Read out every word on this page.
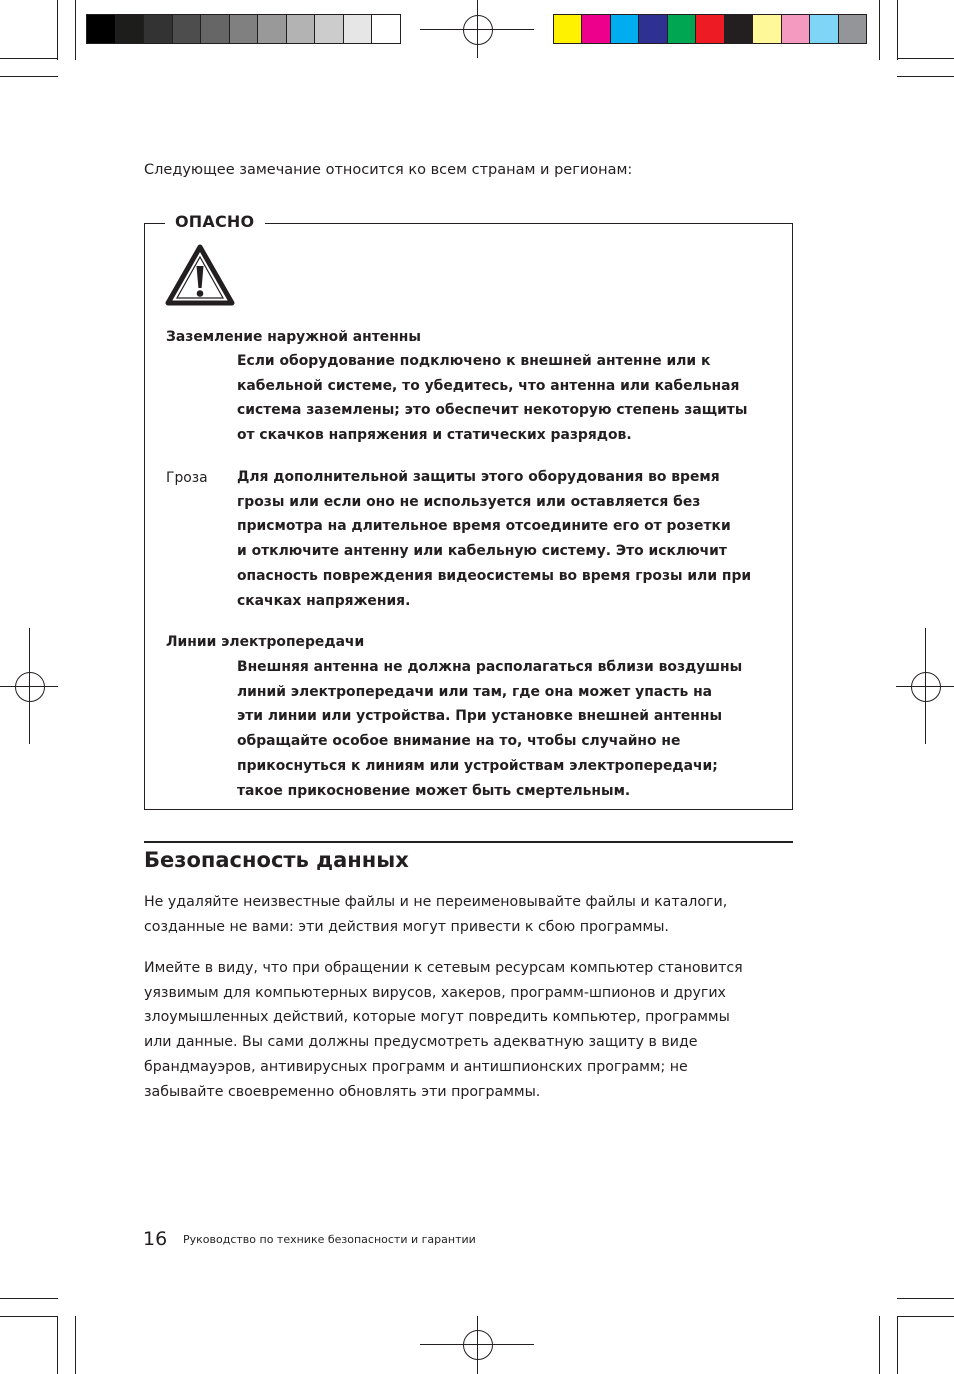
Следующее замечание относится ко всем странам и регионам:
ОПАСНО
Заземление наружной антенны
Если оборудование подключено к внешней антенне или к
кабельной системе, то убедитесь, что антенна или кабельная
система заземлены; это обеспечит некоторую степень защиты
от скачков напряжения и статических разрядов.
Гроза Для дополнительной защиты этого оборудования во время
грозы или если оно не используется или оставляется без
присмотра на длительное время отсоедините его от розетки
и отключите антенну или кабельную систему. Это исключит
опасность повреждения видеосистемы во время грозы или при
скачках напряжения.
Линии электропередачи
Внешняя антенна не должна располагаться вблизи воздушны
линий электропередачи или там, где она может упасть на
эти линии или устройства. При установке внешней антенны
обращайте особое внимание на то, чтобы случайно не
прикоснуться к линиям или устройствам электропередачи;
такое прикосновение может быть смертельным.
Безопасность данных
Не удаляйте неизвестные файлы и не переименовывайте файлы и каталоги,
созданные не вами: эти действия могут привести к сбою программы.
Имейте в виду, что при обращении к сетевым ресурсам компьютер становится
уязвимым для компьютерных вирусов, хакеров, программ-шпионов и других
злоумышленных действий, которые могут повредить компьютер, программы
или данные. Вы сами должны предусмотреть адекватную защиту в виде
брандмауэров, антивирусных программ и антишпионских программ; не
забывайте своевременно обновлять эти программы.
16 Руководство по технике безопасности и гарантии
